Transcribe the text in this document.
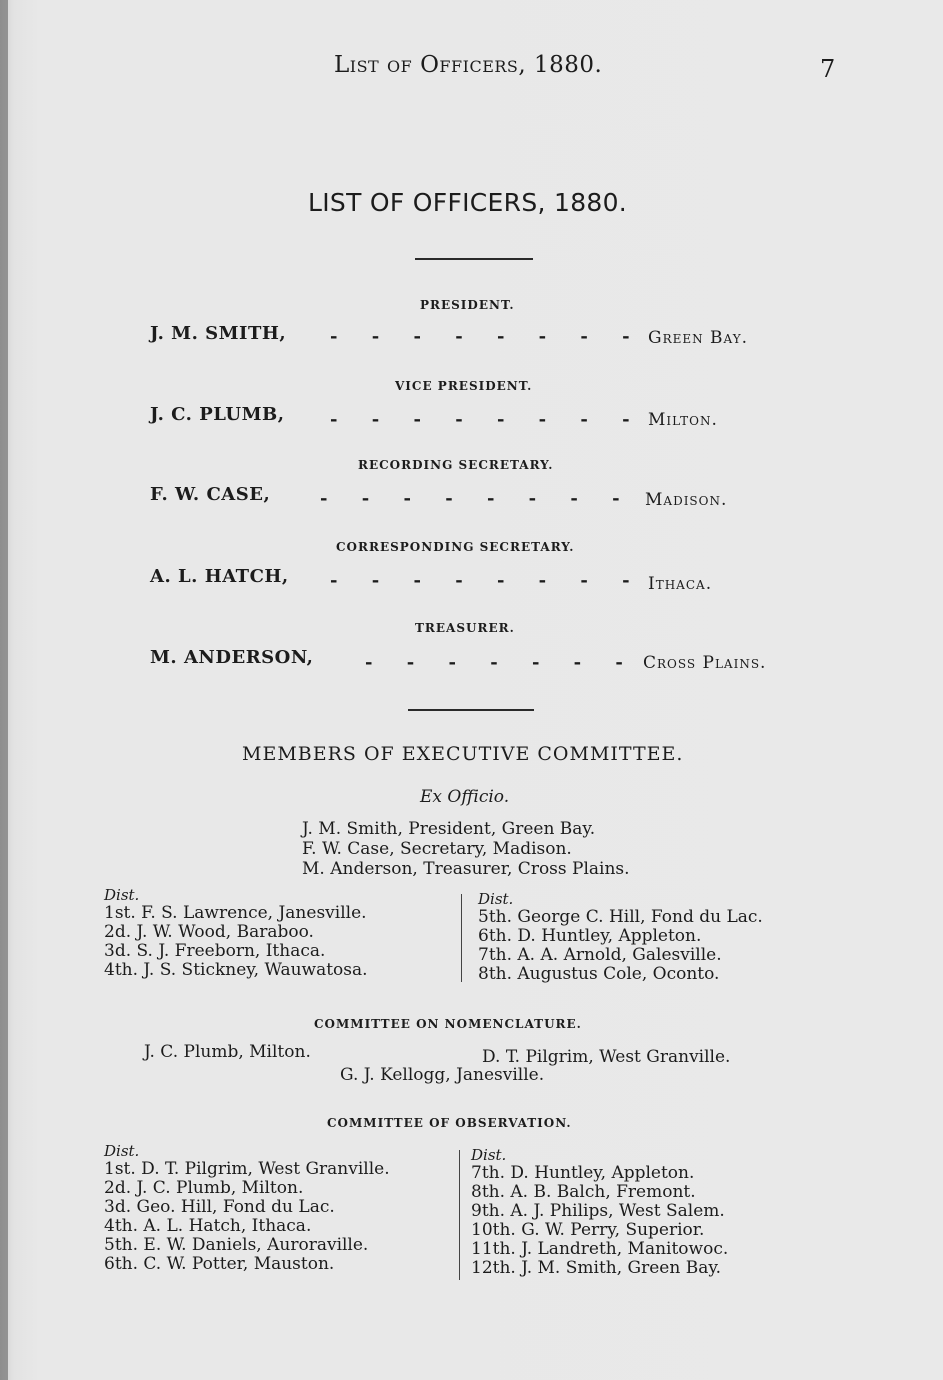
List of Officers, 1880.	7
LIST OF OFFICERS, 1880.
PRESIDENT.
J. M. SMITH, - - - - - - - - Green Bay.
VICE PRESIDENT.
J. C. PLUMB,	- - - - - - - - Milton.
RECORDING SECRETARY.
F. W. CASE,	- - - - - - - - Madison.
CORRESPONDING SECRETARY.
A. L. HATCH, - - - - - - - - Ithaca.
TREASURER.
M. ANDERSON,	- - - - - - - Cross Plains.
MEMBERS OF EXECUTIVE COMMITTEE.
Ex Officio.
J. M. Smith, President, Green Bay.
F. W. Case, Secretary, Madison.
M. Anderson, Treasurer, Cross Plains.
Dist.
1st. F. S. Lawrence, Janesville.
2d. J. W. Wood, Baraboo.
3d. S. J. Freeborn, Ithaca.
4th. J. S. Stickney, Wauwatosa.
Dist.
5th. George C. Hill, Fond du Lac.
6th. D. Huntley, Appleton.
7th. A. A. Arnold, Galesville.
8th. Augustus Cole, Oconto.
COMMITTEE ON NOMENCLATURE.
J. C. Plumb, Milton.	D. T. Pilgrim, West Granville.
G. J. Kellogg, Janesville.
COMMITTEE OF OBSERVATION.
Dist.
1st. D. T. Pilgrim, West Granville.
2d. J. C. Plumb, Milton.
3d. Geo. Hill, Fond du Lac.
4th. A. L. Hatch, Ithaca.
5th. E. W. Daniels, Auroraville.
6th. C. W. Potter, Mauston.
Dist.
7th. D. Huntley, Appleton.
8th. A. B. Balch, Fremont.
9th. A. J. Philips, West Salem.
10th. G. W. Perry, Superior.
11th. J. Landreth, Manitowoc.
12th. J. M. Smith, Green Bay.
